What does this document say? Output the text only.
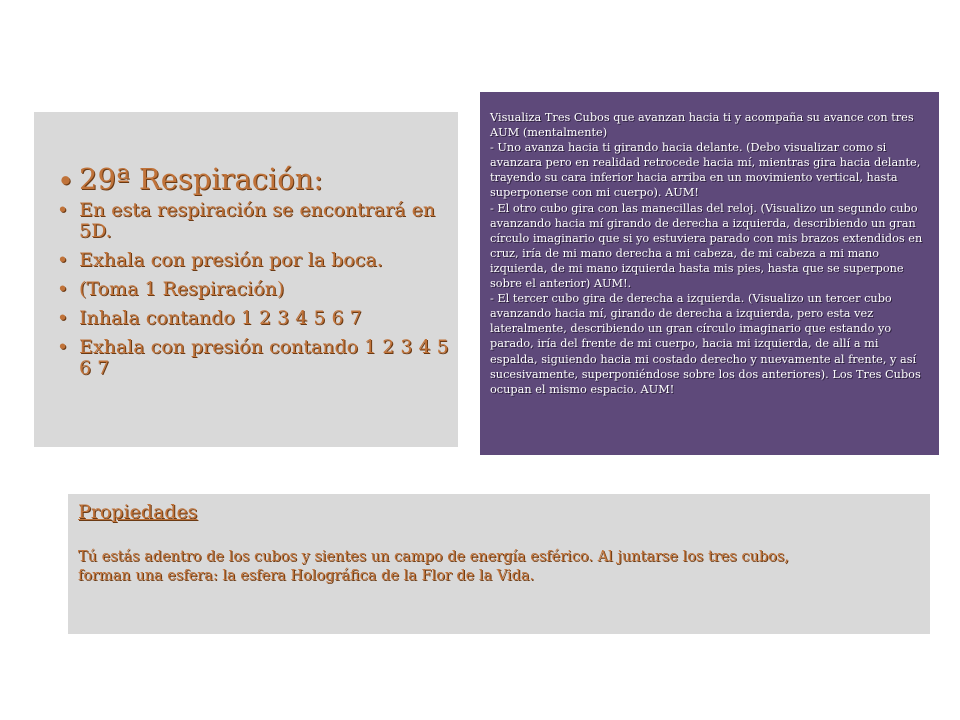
• 29ª Respiración:
• En esta respiración se encontrará en 5D.
• Exhala con presión por la boca.
• (Toma 1 Respiración)
• Inhala contando 1 2 3 4 5 6 7
• Exhala con presión contando 1 2 3 4 5 6 7

Visualiza Tres Cubos que avanzan hacia ti y acompaña su avance con tres AUM (mentalmente)

- Uno avanza hacia ti girando hacia delante. (Debo visualizar como si avanzara pero en realidad retrocede hacia mí, mientras gira hacia delante, trayendo su cara inferior hacia arriba en un movimiento vertical, hasta superponerse con mi cuerpo). AUM!

- El otro cubo gira con las manecillas del reloj. (Visualizo un segundo cubo avanzando hacia mí girando de derecha a izquierda, describiendo un gran círculo imaginario que si yo estuviera parado con mis brazos extendidos en cruz, iría de mi mano derecha a mi cabeza, de mi cabeza a mi mano izquierda, de mi mano izquierda hasta mis pies, hasta que se superpone sobre el anterior) AUM!.

- El tercer cubo gira de derecha a izquierda. (Visualizo un tercer cubo avanzando hacia mí, girando de derecha a izquierda, pero esta vez lateralmente, describiendo un gran círculo imaginario que estando yo parado, iría del frente de mi cuerpo, hacia mi izquierda, de allí a mi espalda, siguiendo hacia mi costado derecho y nuevamente al frente, y así sucesivamente, superponiéndose sobre los dos anteriores). Los Tres Cubos ocupan el mismo espacio. AUM!

Propiedades

Tú estás adentro de los cubos y sientes un campo de energía esférico. Al juntarse los tres cubos, forman una esfera: la esfera Holográfica de la Flor de la Vida.
